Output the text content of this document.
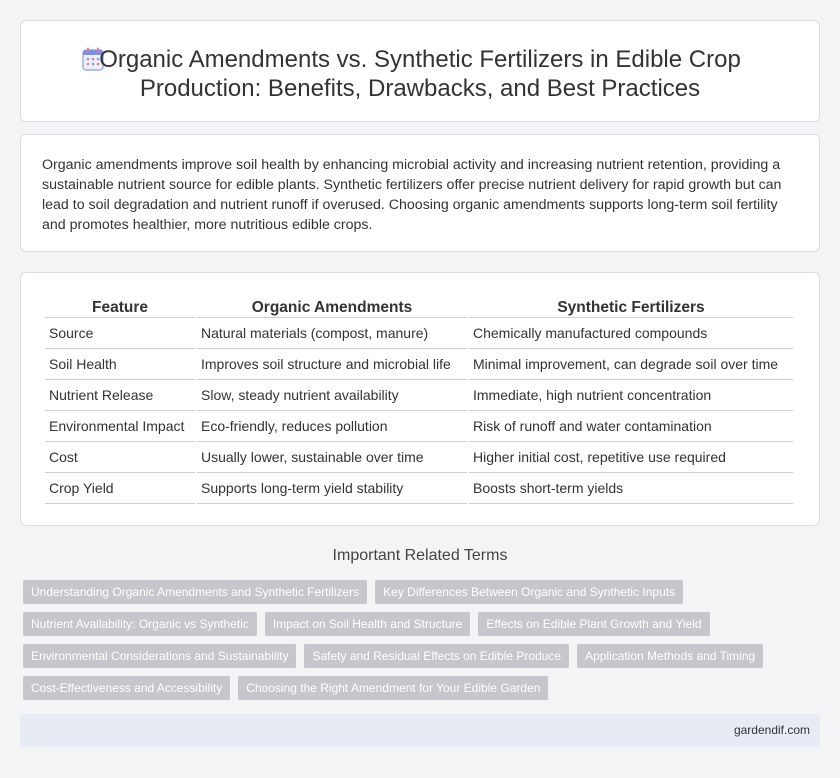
Organic Amendments vs. Synthetic Fertilizers in Edible Crop Production: Benefits, Drawbacks, and Best Practices

Organic amendments improve soil health by enhancing microbial activity and increasing nutrient retention, providing a sustainable nutrient source for edible plants. Synthetic fertilizers offer precise nutrient delivery for rapid growth but can lead to soil degradation and nutrient runoff if overused. Choosing organic amendments supports long-term soil fertility and promotes healthier, more nutritious edible crops.

Feature	Organic Amendments	Synthetic Fertilizers
Source	Natural materials (compost, manure)	Chemically manufactured compounds
Soil Health	Improves soil structure and microbial life	Minimal improvement, can degrade soil over time
Nutrient Release	Slow, steady nutrient availability	Immediate, high nutrient concentration
Environmental Impact	Eco-friendly, reduces pollution	Risk of runoff and water contamination
Cost	Usually lower, sustainable over time	Higher initial cost, repetitive use required
Crop Yield	Supports long-term yield stability	Boosts short-term yields
Important Related Terms
Understanding Organic Amendments and Synthetic Fertilizers	Key Differences Between Organic and Synthetic Inputs
Nutrient Availability: Organic vs Synthetic	Impact on Soil Health and Structure	Effects on Edible Plant Growth and Yield
Environmental Considerations and Sustainability	Safety and Residual Effects on Edible Produce	Application Methods and Timing
Cost-Effectiveness and Accessibility	Choosing the Right Amendment for Your Edible Garden
gardendif.com
